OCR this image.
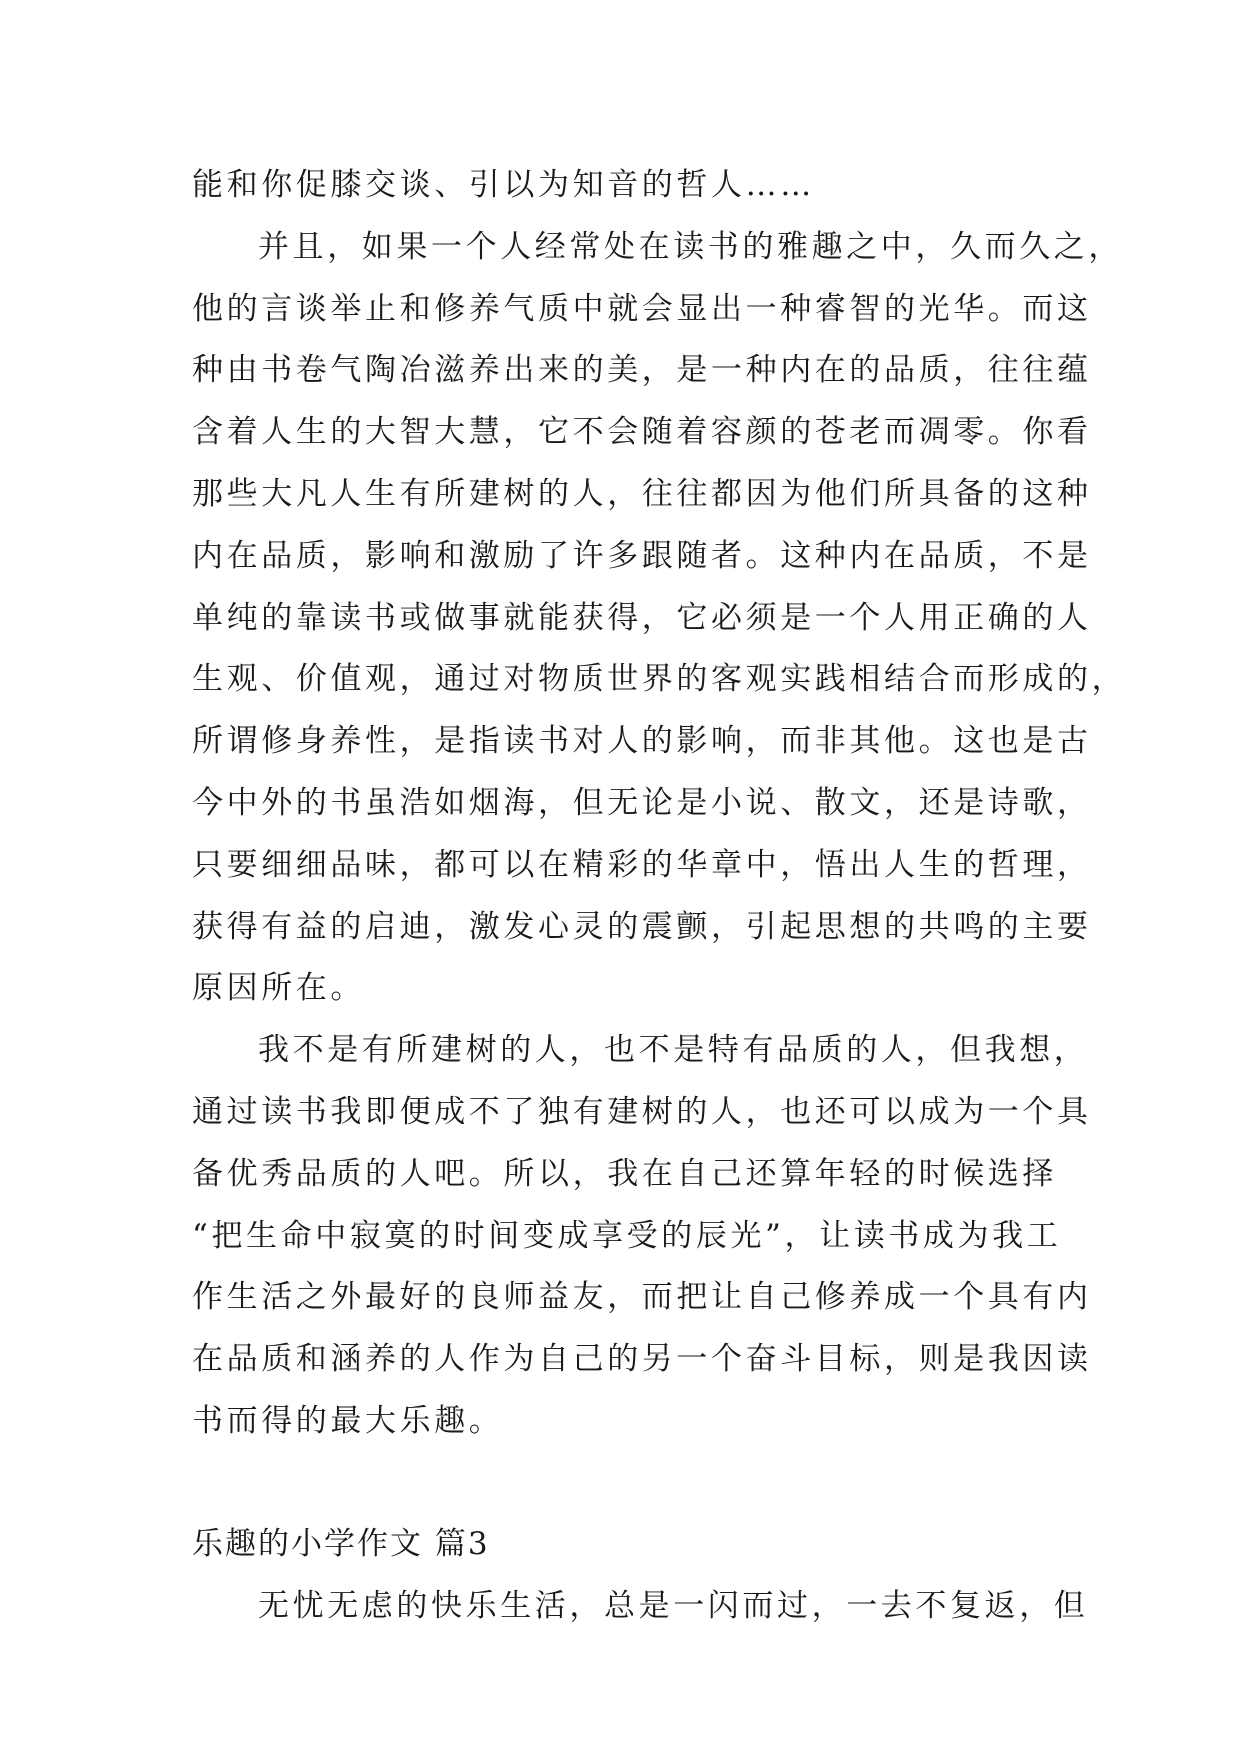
能和你促膝交谈、引以为知音的哲人……
并且，如果一个人经常处在读书的雅趣之中，久而久之，
他的言谈举止和修养气质中就会显出一种睿智的光华。而这
种由书卷气陶冶滋养出来的美，是一种内在的品质，往往蕴
含着人生的大智大慧，它不会随着容颜的苍老而凋零。你看
那些大凡人生有所建树的人，往往都因为他们所具备的这种
内在品质，影响和激励了许多跟随者。这种内在品质，不是
单纯的靠读书或做事就能获得，它必须是一个人用正确的人
生观、价值观，通过对物质世界的客观实践相结合而形成的，
所谓修身养性，是指读书对人的影响，而非其他。这也是古
今中外的书虽浩如烟海，但无论是小说、散文，还是诗歌，
只要细细品味，都可以在精彩的华章中，悟出人生的哲理，
获得有益的启迪，激发心灵的震颤，引起思想的共鸣的主要
原因所在。
我不是有所建树的人，也不是特有品质的人，但我想，
通过读书我即便成不了独有建树的人，也还可以成为一个具
备优秀品质的人吧。所以，我在自己还算年轻的时候选择
“把生命中寂寞的时间变成享受的辰光”，让读书成为我工
作生活之外最好的良师益友，而把让自己修养成一个具有内
在品质和涵养的人作为自己的另一个奋斗目标，则是我因读
书而得的最大乐趣。
乐趣的小学作文 篇3
无忧无虑的快乐生活，总是一闪而过，一去不复返，但
